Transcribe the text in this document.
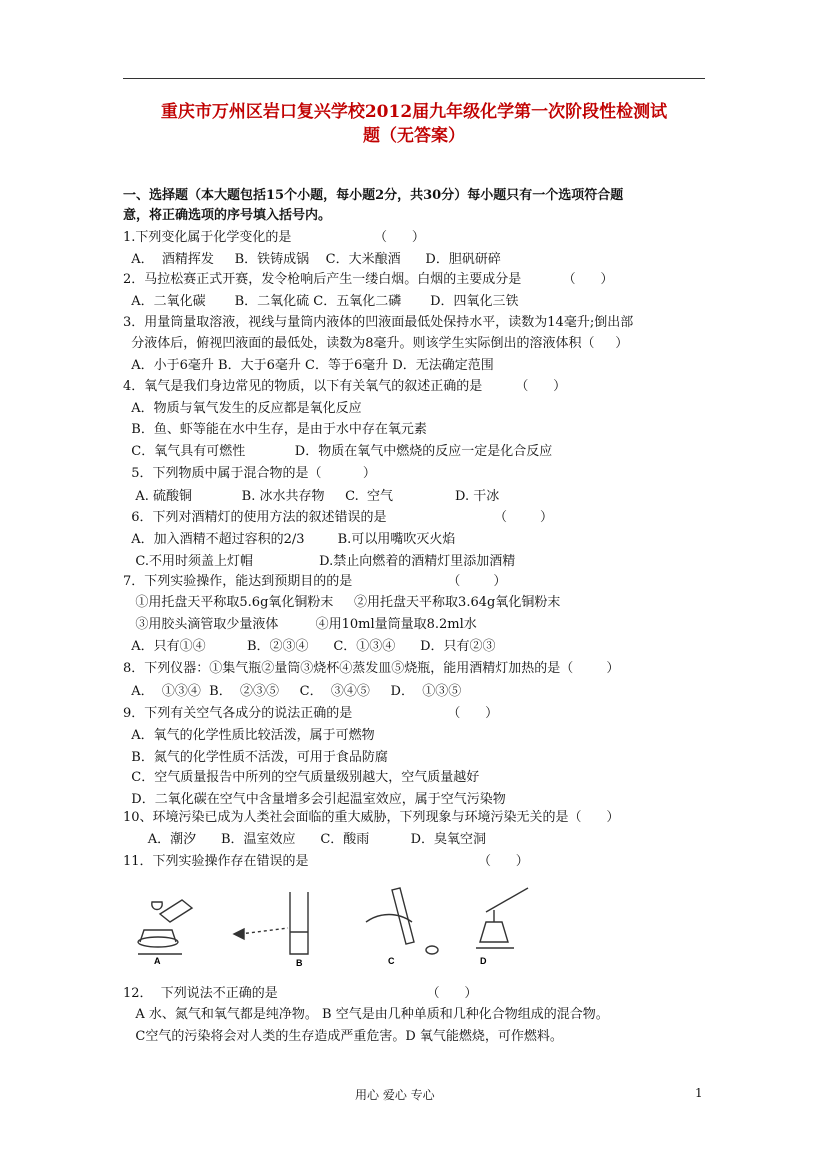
重庆市万州区岩口复兴学校2012届九年级化学第一次阶段性检测试
题（无答案）
一、选择题（本大题包括15个小题，每小题2分，共30分）每小题只有一个选项符合题
意，将正确选项的序号填入括号内。
1.下列变化属于化学变化的是                    （      ）
A．  酒精挥发     B．铁铸成锅    C．大米酿酒      D．胆矾研碎
2．马拉松赛正式开赛，发令枪响后产生一缕白烟。白烟的主要成分是          （      ）
A．二氧化碳       B．二氧化硫 C．五氧化二磷       D．四氧化三铁
3．用量筒量取溶液，视线与量筒内液体的凹液面最低处保持水平，读数为14毫升;倒出部
分液体后，俯视凹液面的最低处，读数为8毫升。则该学生实际倒出的溶液体积（     ）
A．小于6毫升 B．大于6毫升 C．等于6毫升 D．无法确定范围
4．氧气是我们身边常见的物质，以下有关氧气的叙述正确的是        （      ）
A．物质与氧气发生的反应都是氧化反应
B．鱼、虾等能在水中生存，是由于水中存在氧元素
C．氧气具有可燃性            D．物质在氧气中燃烧的反应一定是化合反应
5．下列物质中属于混合物的是（          ）
A. 硫酸铜            B. 冰水共存物     C.  空气               D. 干冰
6．下列对酒精灯的使用方法的叙述错误的是                          （        ）
A．加入酒精不超过容积的2/3        B.可以用嘴吹灭火焰
C.不用时须盖上灯帽                D.禁止向燃着的酒精灯里添加酒精
7．下列实验操作，能达到预期目的的是                       （        ）
①用托盘天平称取5.6g氧化铜粉末     ②用托盘天平称取3.64g氧化铜粉末
③用胶头滴管取少量液体         ④用10ml量筒量取8.2ml水
A．只有①④          B．②③④      C．①③④      D．只有②③
8．下列仪器：①集气瓶②量筒③烧杯④蒸发皿⑤烧瓶，能用酒精灯加热的是（        ）
A．  ①③④  B．  ②③⑤     C．  ③④⑤     D．  ①③⑤
9．下列有关空气各成分的说法正确的是                       （      ）
A．氧气的化学性质比较活泼，属于可燃物
B．氮气的化学性质不活泼，可用于食品防腐
C．空气质量报告中所列的空气质量级别越大，空气质量越好
D．二氧化碳在空气中含量增多会引起温室效应，属于空气污染物
10、环境污染已成为人类社会面临的重大威胁，下列现象与环境污染无关的是（      ）
A．潮汐      B．温室效应      C．酸雨          D．臭氧空洞
11．下列实验操作存在错误的是                                         （      ）
12．  下列说法不正确的是                                    （      ）
A 水、氮气和氧气都是纯净物。 B 空气是由几种单质和几种化合物组成的混合物。
C空气的污染将会对人类的生存造成严重危害。D 氧气能燃烧，可作燃料。
A	B	C	D
用心 爱心 专心	1
